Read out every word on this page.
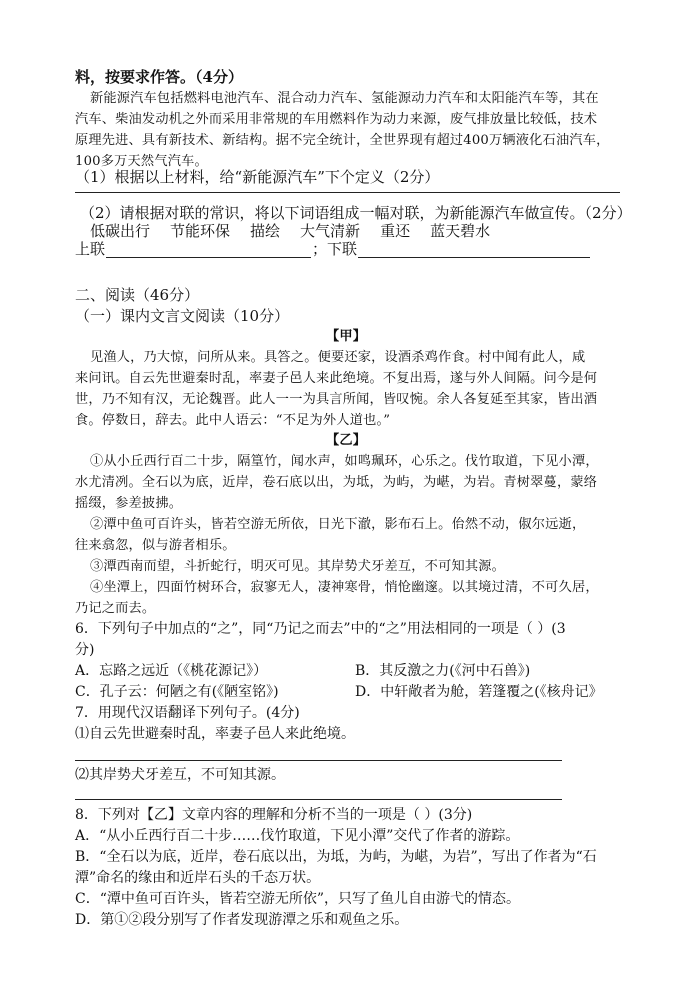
料，按要求作答。（4分）
新能源汽车包括燃料电池汽车、混合动力汽车、氢能源动力汽车和太阳能汽车等，其在
汽车、柴油发动机之外而采用非常规的车用燃料作为动力来源，废气排放量比较低，技术
原理先进、具有新技术、新结构。据不完全统计，全世界现有超过400万辆液化石油汽车，
100多万天然气汽车。
（1）根据以上材料，给“新能源汽车”下个定义（2分）
（2）请根据对联的常识，将以下词语组成一幅对联，为新能源汽车做宣传。（2分）
低碳出行 节能环保 描绘 大气清新 重还 蓝天碧水
上联	；下联
二、阅读（46分）
（一）课内文言文阅读（10分）
【甲】
见渔人，乃大惊，问所从来。具答之。便要还家，设酒杀鸡作食。村中闻有此人，咸
来问讯。自云先世避秦时乱，率妻子邑人来此绝境。不复出焉，遂与外人间隔。问今是何
世，乃不知有汉，无论魏晋。此人一一为具言所闻，皆叹惋。余人各复延至其家，皆出酒
食。停数日，辞去。此中人语云：“不足为外人道也。”
【乙】
①从小丘西行百二十步，隔篁竹，闻水声，如鸣珮环，心乐之。伐竹取道，下见小潭，
水尤清冽。全石以为底，近岸，卷石底以出，为坻，为屿，为嵁，为岩。青树翠蔓，蒙络
摇缀，参差披拂。
②潭中鱼可百许头，皆若空游无所依，日光下澈，影布石上。佁然不动，俶尔远逝，
往来翕忽，似与游者相乐。
③潭西南而望，斗折蛇行，明灭可见。其岸势犬牙差互，不可知其源。
④坐潭上，四面竹树环合，寂寥无人，凄神寒骨，悄怆幽邃。以其境过清，不可久居，
乃记之而去。
6．下列句子中加点的“之”，同“乃记之而去”中的“之”用法相同的一项是（ ）(3
分)
A．忘路之远近（《桃花源记》）	B．其反激之力(《河中石兽》)
C．孔子云：何陋之有(《陋室铭》)	D．中轩敞者为舱，箬篷覆之(《核舟记》
7．用现代汉语翻译下列句子。(4分)
⑴自云先世避秦时乱，率妻子邑人来此绝境。
⑵其岸势犬牙差互，不可知其源。
8．下列对【乙】文章内容的理解和分析不当的一项是（ ）(3分)
A．“从小丘西行百二十步……伐竹取道，下见小潭”交代了作者的游踪。
B．“全石以为底，近岸，卷石底以出，为坻，为屿，为嵁，为岩”，写出了作者为“石
潭”命名的缘由和近岸石头的千态万状。
C．“潭中鱼可百许头，皆若空游无所依”，只写了鱼儿自由游弋的情态。
D．第①②段分别写了作者发现游潭之乐和观鱼之乐。
